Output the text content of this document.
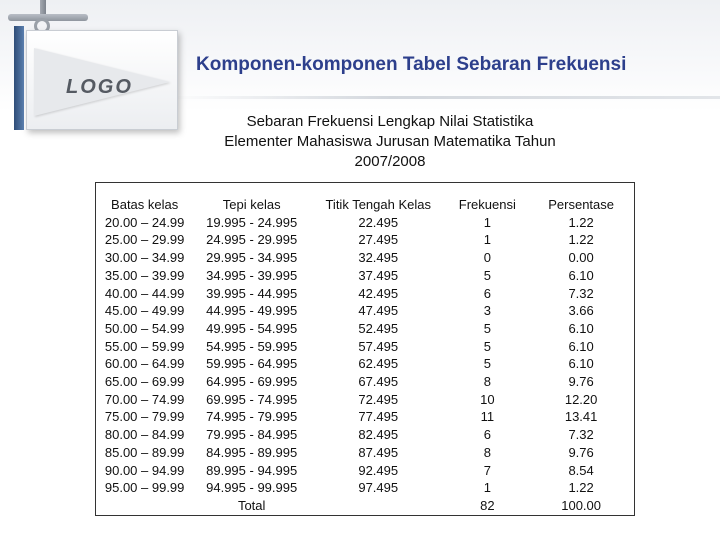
LOGO
Komponen-komponen Tabel Sebaran Frekuensi
Sebaran Frekuensi Lengkap Nilai Statistika
Elementer Mahasiswa Jurusan Matematika Tahun
2007/2008
Batas kelas	Tepi kelas	Titik Tengah Kelas	Frekuensi	Persentase
20.00 – 24.99	19.995 - 24.995	22.495	1	1.22
25.00 – 29.99	24.995 - 29.995	27.495	1	1.22
30.00 – 34.99	29.995 - 34.995	32.495	0	0.00
35.00 – 39.99	34.995 - 39.995	37.495	5	6.10
40.00 – 44.99	39.995 - 44.995	42.495	6	7.32
45.00 – 49.99	44.995 - 49.995	47.495	3	3.66
50.00 – 54.99	49.995 - 54.995	52.495	5	6.10
55.00 – 59.99	54.995 - 59.995	57.495	5	6.10
60.00 – 64.99	59.995 - 64.995	62.495	5	6.10
65.00 – 69.99	64.995 - 69.995	67.495	8	9.76
70.00 – 74.99	69.995 - 74.995	72.495	10	12.20
75.00 – 79.99	74.995 - 79.995	77.495	11	13.41
80.00 – 84.99	79.995 - 84.995	82.495	6	7.32
85.00 – 89.99	84.995 - 89.995	87.495	8	9.76
90.00 – 94.99	89.995 - 94.995	92.495	7	8.54
95.00 – 99.99	94.995 - 99.995	97.495	1	1.22
	Total		82	100.00
